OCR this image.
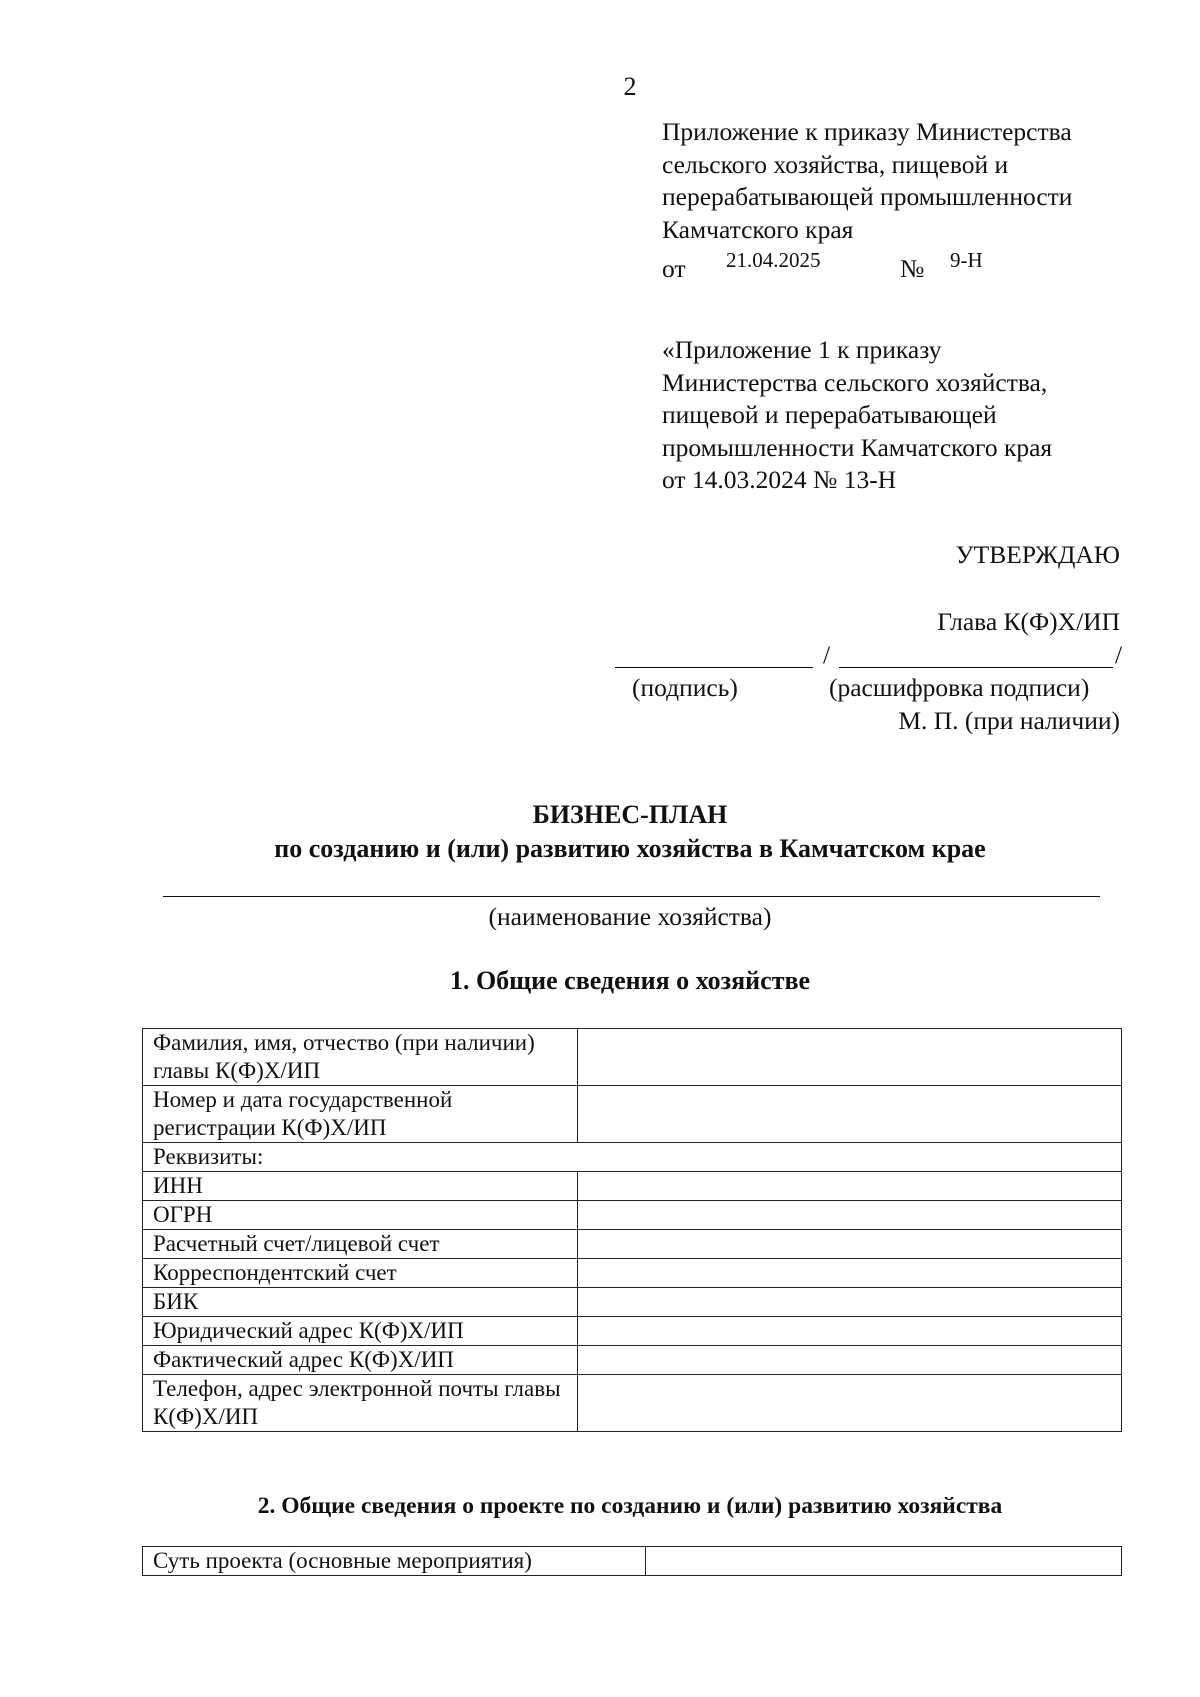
2
Приложение к приказу Министерства
сельского хозяйства, пищевой и
перерабатывающей промышленности
Камчатского края
от 21.04.2025	№ 9-Н
«Приложение 1 к приказу
Министерства сельского хозяйства,
пищевой и перерабатывающей
промышленности Камчатского края
от 14.03.2024 № 13-Н
УТВЕРЖДАЮ
Глава К(Ф)Х/ИП
/	/
(подпись)	(расшифровка подписи)
М. П. (при наличии)
БИЗНЕС-ПЛАН
по созданию и (или) развитию хозяйства в Камчатском крае
(наименование хозяйства)
1. Общие сведения о хозяйстве
Фамилия, имя, отчество (при наличии) главы К(Ф)Х/ИП	
Номер и дата государственной регистрации К(Ф)Х/ИП	
Реквизиты:	
ИНН	
ОГРН	
Расчетный счет/лицевой счет	
Корреспондентский счет	
БИК	
Юридический адрес К(Ф)Х/ИП	
Фактический адрес К(Ф)Х/ИП	
Телефон, адрес электронной почты главы К(Ф)Х/ИП	
2. Общие сведения о проекте по созданию и (или) развитию хозяйства
Суть проекта (основные мероприятия)	
